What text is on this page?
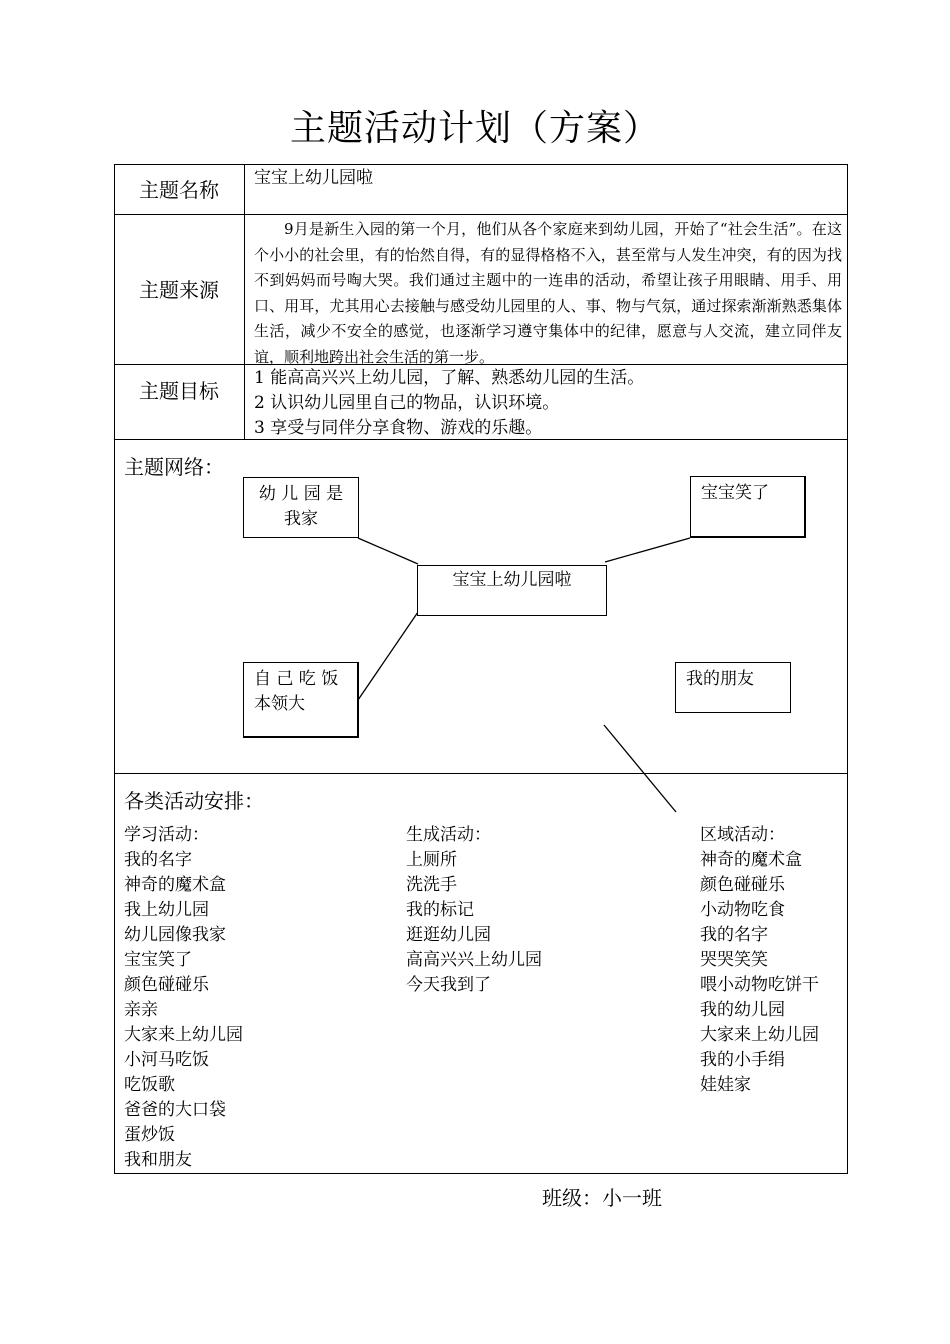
主题活动计划（方案）
主题名称	宝宝上幼儿园啦
主题来源
9月是新生入园的第一个月，他们从各个家庭来到幼儿园，开始了“社会生活”。在这个小小的社会里，有的怡然自得，有的显得格格不入，甚至常与人发生冲突，有的因为找不到妈妈而号啕大哭。我们通过主题中的一连串的活动，希望让孩子用眼睛、用手、用口、用耳，尤其用心去接触与感受幼儿园里的人、事、物与气氛，通过探索渐渐熟悉集体生活，减少不安全的感觉，也逐渐学习遵守集体中的纪律，愿意与人交流，建立同伴友谊，顺利地跨出社会生活的第一步。
主题目标
1 能高高兴兴上幼儿园，了解、熟悉幼儿园的生活。
2 认识幼儿园里自己的物品，认识环境。
3 享受与同伴分享食物、游戏的乐趣。
主题网络：
幼 儿 园 是 我家
宝宝笑了
宝宝上幼儿园啦
自 己 吃 饭 本领大
我的朋友
各类活动安排：
学习活动：
我的名字
神奇的魔术盒
我上幼儿园
幼儿园像我家
宝宝笑了
颜色碰碰乐
亲亲
大家来上幼儿园
小河马吃饭
吃饭歌
爸爸的大口袋
蛋炒饭
我和朋友
生成活动：
上厕所
洗洗手
我的标记
逛逛幼儿园
高高兴兴上幼儿园
今天我到了
区域活动：
神奇的魔术盒
颜色碰碰乐
小动物吃食
我的名字
哭哭笑笑
喂小动物吃饼干
我的幼儿园
大家来上幼儿园
我的小手绢
娃娃家
班级：小一班
